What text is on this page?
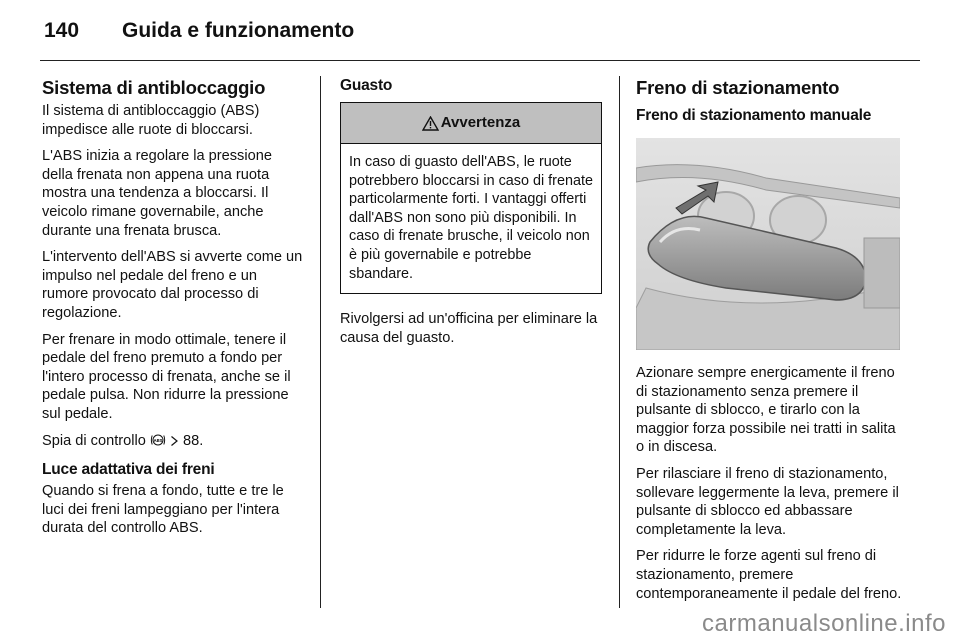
140	Guida e funzionamento
Sistema di antibloccaggio

Il sistema di antibloccaggio (ABS) impedisce alle ruote di bloccarsi.

L'ABS inizia a regolare la pressione della frenata non appena una ruota mostra una tendenza a bloccarsi. Il veicolo rimane governabile, anche durante una frenata brusca.

L'intervento dell'ABS si avverte come un impulso nel pedale del freno e un rumore provocato dal processo di regolazione.

Per frenare in modo ottimale, tenere il pedale del freno premuto a fondo per l'intero processo di frenata, anche se il pedale pulsa. Non ridurre la pressione sul pedale.

Spia di controllo ABS 88.

Luce adattativa dei freni

Quando si frena a fondo, tutte e tre le luci dei freni lampeggiano per l'intera durata del controllo ABS.

Guasto
Avvertenza
In caso di guasto dell'ABS, le ruote potrebbero bloccarsi in caso di frenate particolarmente forti. I vantaggi offerti dall'ABS non sono più disponibili. In caso di frenate brusche, il veicolo non è più governabile e potrebbe sbandare.

Rivolgersi ad un'officina per eliminare la causa del guasto.

Freno di stazionamento
Freno di stazionamento manuale

Azionare sempre energicamente il freno di stazionamento senza premere il pulsante di sblocco, e tirarlo con la maggior forza possibile nei tratti in salita o in discesa.

Per rilasciare il freno di stazionamento, sollevare leggermente la leva, premere il pulsante di sblocco ed abbassare completamente la leva.

Per ridurre le forze agenti sul freno di stazionamento, premere contemporaneamente il pedale del freno.

carmanualsonline.info
